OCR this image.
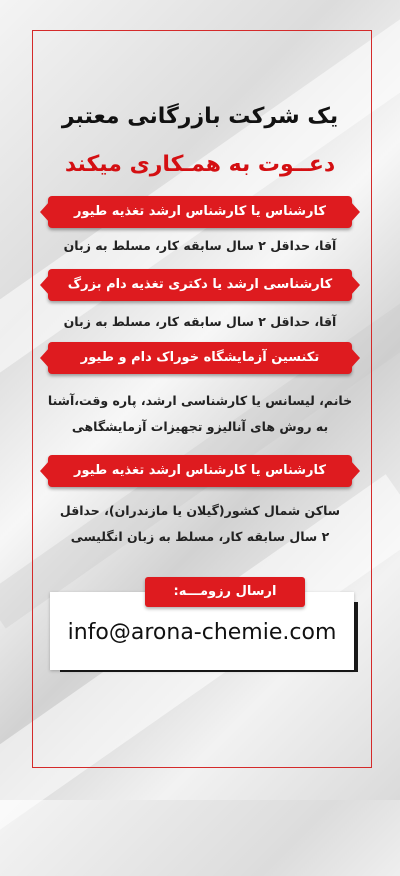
یک شرکت بازرگانی معتبر
دعــوت به همـکاری میکند
کارشناس یا کارشناس ارشد تغذیه طیور
آقا، حداقل ۲ سال سابقه کار، مسلط به زبان
کارشناسی ارشد یا دکتری تغذیه دام بزرگ
آقا، حداقل ۲ سال سابقه کار، مسلط به زبان
تکنسین آزمایشگاه خوراک دام و طیور
خانم، لیسانس یا کارشناسی ارشد، پاره وقت،آشنا به روش های آنالیزو تجهیزات آزمایشگاهی
کارشناس یا کارشناس ارشد تغذیه طیور
ساکن شمال کشور(گیلان یا مازندران)، حداقل ۲ سال سابقه کار، مسلط به زبان انگلیسی
ارسال رزومـــه:
info@arona-chemie.com
